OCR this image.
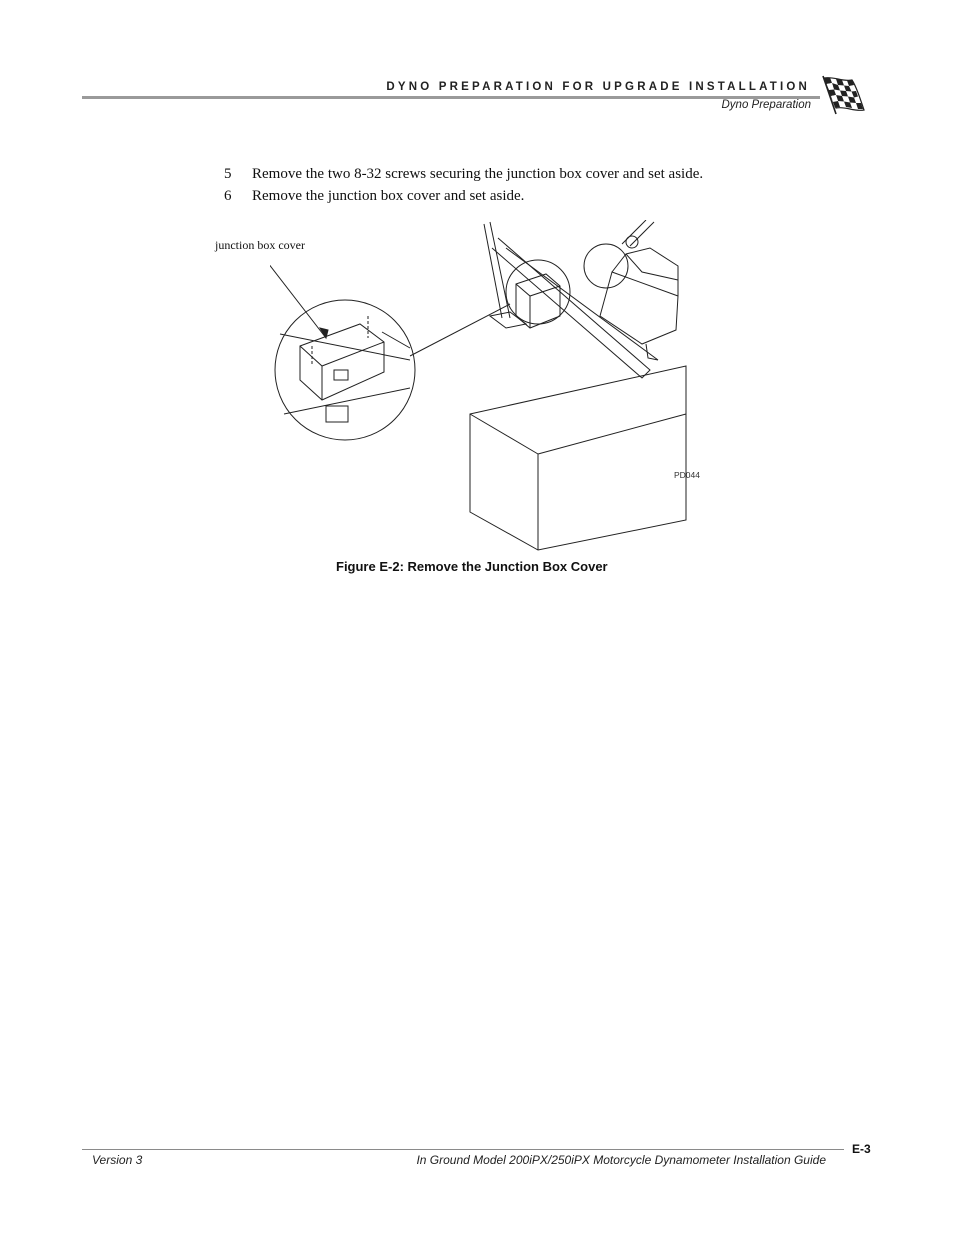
DYNO PREPARATION FOR UPGRADE INSTALLATION
Dyno Preparation
5 Remove the two 8-32 screws securing the junction box cover and set aside.
6 Remove the junction box cover and set aside.
junction box cover
PD044
Figure E-2: Remove the Junction Box Cover
E-3
Version 3	In Ground Model 200iPX/250iPX Motorcycle Dynamometer Installation Guide
